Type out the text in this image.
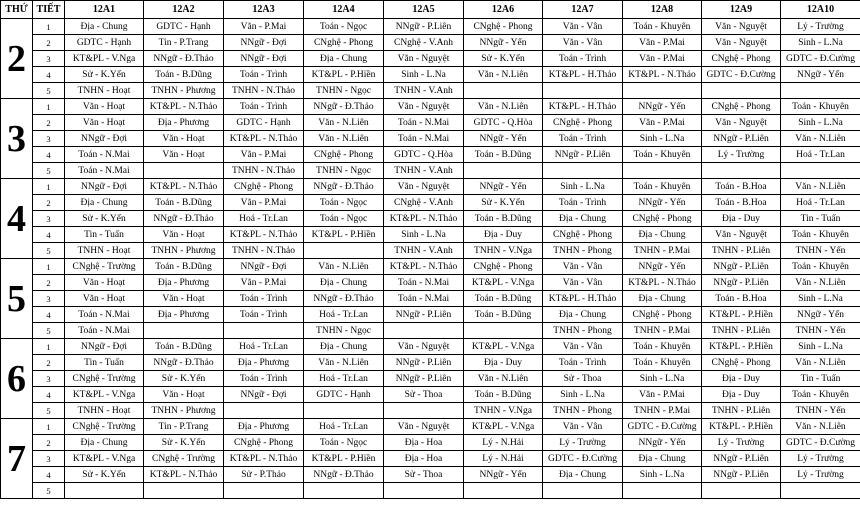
THỨ	TIẾT	12A1	12A2	12A3	12A4	12A5	12A6	12A7	12A8	12A9	12A10
2	1	Địa - Chung	GDTC - Hạnh	Văn - P.Mai	Toán - Ngọc	NNgữ - P.Liên	CNghệ - Phong	Văn - Vân	Toán - Khuyên	Văn - Nguyệt	Lý - Trường
	2	GDTC - Hạnh	Tin - P.Trang	NNgữ - Đợi	CNghệ - Phong	CNghệ - V.Anh	NNgữ - Yến	Văn - Vân	Văn - P.Mai	Văn - Nguyệt	Sinh - L.Na
	3	KT&PL - V.Nga	NNgữ - Đ.Thảo	NNgữ - Đợi	Địa - Chung	Văn - Nguyệt	Sử - K.Yến	Toán - Trình	Văn - P.Mai	CNghệ - Phong	GDTC - Đ.Cường
	4	Sử - K.Yến	Toán - B.Dũng	Toán - Trình	KT&PL - P.Hiền	Sinh - L.Na	Văn - N.Liên	KT&PL - H.Thảo	KT&PL - N.Thảo	GDTC - Đ.Cường	NNgữ - Yến
	5	TNHN - Hoạt	TNHN - Phương	TNHN - N.Thảo	TNHN - Ngọc	TNHN - V.Anh					
3	1	Văn - Hoạt	KT&PL - N.Thảo	Toán - Trình	NNgữ - Đ.Thảo	Văn - Nguyệt	Văn - N.Liên	KT&PL - H.Thảo	NNgữ - Yến	CNghệ - Phong	Toán - Khuyên
	2	Văn - Hoạt	Địa - Phương	GDTC - Hạnh	Văn - N.Liên	Toán - N.Mai	GDTC - Q.Hòa	CNghệ - Phong	Văn - P.Mai	Văn - Nguyệt	Sinh - L.Na
	3	NNgữ - Đợi	Văn - Hoạt	KT&PL - N.Thảo	Văn - N.Liên	Toán - N.Mai	NNgữ - Yến	Toán - Trình	Sinh - L.Na	NNgữ - P.Liên	Văn - N.Liên
	4	Toán - N.Mai	Văn - Hoạt	Văn - P.Mai	CNghệ - Phong	GDTC - Q.Hòa	Toán - B.Dũng	NNgữ - P.Liên	Toán - Khuyên	Lý - Trường	Hoá - Tr.Lan
	5	Toán - N.Mai		TNHN - N.Thảo	TNHN - Ngọc	TNHN - V.Anh					
4	1	NNgữ - Đợi	KT&PL - N.Thảo	CNghệ - Phong	NNgữ - Đ.Thảo	Văn - Nguyệt	NNgữ - Yến	Sinh - L.Na	Toán - Khuyên	Toán - B.Hoa	Văn - N.Liên
	2	Địa - Chung	Toán - B.Dũng	Văn - P.Mai	Toán - Ngọc	CNghệ - V.Anh	Sử - K.Yến	Toán - Trình	NNgữ - Yến	Toán - B.Hoa	Hoá - Tr.Lan
	3	Sử - K.Yến	NNgữ - Đ.Thảo	Hoá - Tr.Lan	Toán - Ngọc	KT&PL - N.Thảo	Toán - B.Dũng	Địa - Chung	CNghệ - Phong	Địa - Duy	Tin - Tuấn
	4	Tin - Tuấn	Văn - Hoạt	KT&PL - N.Thảo	KT&PL - P.Hiền	Sinh - L.Na	Địa - Duy	CNghệ - Phong	Địa - Chung	Văn - Nguyệt	Toán - Khuyên
	5	TNHN - Hoạt	TNHN - Phương	TNHN - N.Thảo		TNHN - V.Anh	TNHN - V.Nga	TNHN - Phong	TNHN - P.Mai	TNHN - P.Liên	TNHN - Yến
5	1	CNghệ - Trường	Toán - B.Dũng	NNgữ - Đợi	Văn - N.Liên	KT&PL - N.Thảo	CNghệ - Phong	Văn - Vân	NNgữ - Yến	NNgữ - P.Liên	Toán - Khuyên
	2	Văn - Hoạt	Địa - Phương	Văn - P.Mai	Địa - Chung	Toán - N.Mai	KT&PL - V.Nga	Văn - Vân	KT&PL - N.Thảo	NNgữ - P.Liên	Văn - N.Liên
	3	Văn - Hoạt	Văn - Hoạt	Toán - Trình	NNgữ - Đ.Thảo	Toán - N.Mai	Toán - B.Dũng	KT&PL - H.Thảo	Địa - Chung	Toán - B.Hoa	Sinh - L.Na
	4	Toán - N.Mai	Địa - Phương	Toán - Trình	Hoá - Tr.Lan	NNgữ - P.Liên	Toán - B.Dũng	Địa - Chung	CNghệ - Phong	KT&PL - P.Hiền	NNgữ - Yến
	5	Toán - N.Mai			TNHN - Ngọc			TNHN - Phong	TNHN - P.Mai	TNHN - P.Liên	TNHN - Yến
6	1	NNgữ - Đợi	Toán - B.Dũng	Hoá - Tr.Lan	Địa - Chung	Văn - Nguyệt	KT&PL - V.Nga	Văn - Vân	Toán - Khuyên	KT&PL - P.Hiền	Sinh - L.Na
	2	Tin - Tuấn	NNgữ - Đ.Thảo	Địa - Phương	Văn - N.Liên	NNgữ - P.Liên	Địa - Duy	Toán - Trình	Toán - Khuyên	CNghệ - Phong	Văn - N.Liên
	3	CNghệ - Trường	Sử - K.Yến	Toán - Trình	Hoá - Tr.Lan	NNgữ - P.Liên	Văn - N.Liên	Sử - Thoa	Sinh - L.Na	Địa - Duy	Tin - Tuấn
	4	KT&PL - V.Nga	Văn - Hoạt	NNgữ - Đợi	GDTC - Hạnh	Sử - Thoa	Toán - B.Dũng	Sinh - L.Na	Văn - P.Mai	Địa - Duy	Toán - Khuyên
	5	TNHN - Hoạt	TNHN - Phương				TNHN - V.Nga	TNHN - Phong	TNHN - P.Mai	TNHN - P.Liên	TNHN - Yến
7	1	CNghệ - Trường	Tin - P.Trang	Địa - Phương	Hoá - Tr.Lan	Văn - Nguyệt	KT&PL - V.Nga	Văn - Vân	GDTC - Đ.Cường	KT&PL - P.Hiền	Văn - N.Liên
	2	Địa - Chung	Sử - K.Yến	CNghệ - Phong	Toán - Ngọc	Địa - Hoa	Lý - N.Hải	Lý - Trường	NNgữ - Yến	Lý - Trường	GDTC - Đ.Cường
	3	KT&PL - V.Nga	CNghệ - Trường	KT&PL - N.Thảo	KT&PL - P.Hiền	Địa - Hoa	Lý - N.Hải	GDTC - Đ.Cường	Địa - Chung	NNgữ - P.Liên	Lý - Trường
	4	Sử - K.Yến	KT&PL - N.Thảo	Sử - P.Thảo	NNgữ - Đ.Thảo	Sử - Thoa	NNgữ - Yến	Địa - Chung	Sinh - L.Na	NNgữ - P.Liên	Lý - Trường
	5										
